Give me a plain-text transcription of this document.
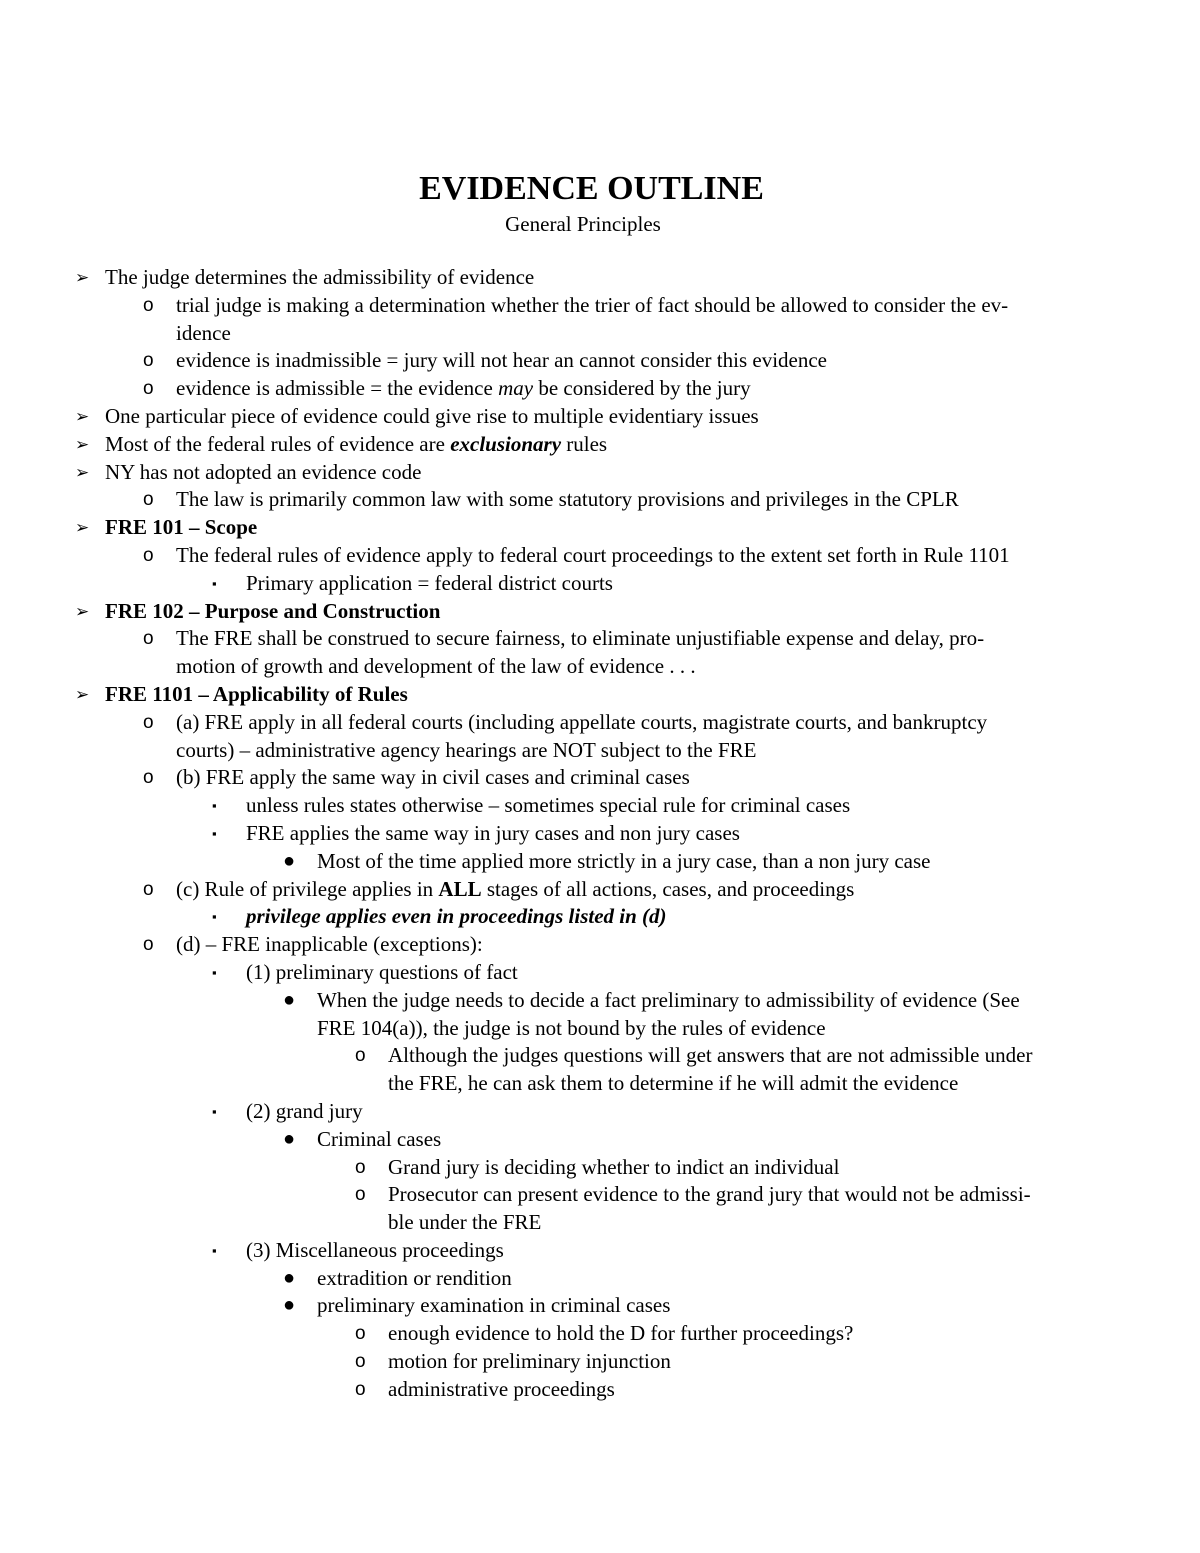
EVIDENCE OUTLINE
General Principles
➢ The judge determines the admissibility of evidence
o trial judge is making a determination whether the trier of fact should be allowed to consider the ev-
idence
o evidence is inadmissible = jury will not hear an cannot consider this evidence
o evidence is admissible = the evidence may be considered by the jury
➢ One particular piece of evidence could give rise to multiple evidentiary issues
➢ Most of the federal rules of evidence are exclusionary rules
➢ NY has not adopted an evidence code
o The law is primarily common law with some statutory provisions and privileges in the CPLR
➢ FRE 101 – Scope
o The federal rules of evidence apply to federal court proceedings to the extent set forth in Rule 1101
▪ Primary application = federal district courts
➢ FRE 102 – Purpose and Construction
o The FRE shall be construed to secure fairness, to eliminate unjustifiable expense and delay, pro-
motion of growth and development of the law of evidence . . .
➢ FRE 1101 – Applicability of Rules
o (a) FRE apply in all federal courts (including appellate courts, magistrate courts, and bankruptcy
courts) – administrative agency hearings are NOT subject to the FRE
o (b) FRE apply the same way in civil cases and criminal cases
▪ unless rules states otherwise – sometimes special rule for criminal cases
▪ FRE applies the same way in jury cases and non jury cases
● Most of the time applied more strictly in a jury case, than a non jury case
o (c) Rule of privilege applies in ALL stages of all actions, cases, and proceedings
▪ privilege applies even in proceedings listed in (d)
o (d) – FRE inapplicable (exceptions):
▪ (1) preliminary questions of fact
● When the judge needs to decide a fact preliminary to admissibility of evidence (See
FRE 104(a)), the judge is not bound by the rules of evidence
o Although the judges questions will get answers that are not admissible under
the FRE, he can ask them to determine if he will admit the evidence
▪ (2) grand jury
● Criminal cases
o Grand jury is deciding whether to indict an individual
o Prosecutor can present evidence to the grand jury that would not be admissi-
ble under the FRE
▪ (3) Miscellaneous proceedings
● extradition or rendition
● preliminary examination in criminal cases
o enough evidence to hold the D for further proceedings?
o motion for preliminary injunction
o administrative proceedings
